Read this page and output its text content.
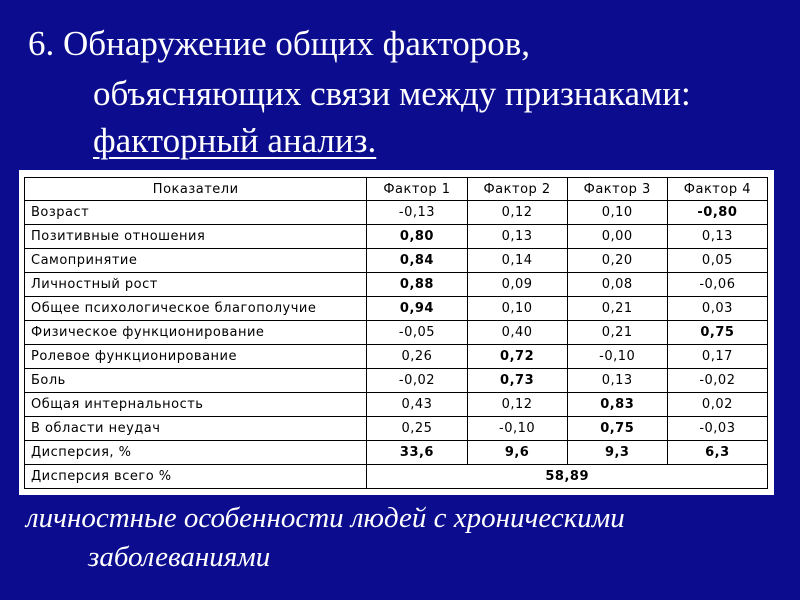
6. Обнаружение общих факторов,
объясняющих связи между признаками:
факторный анализ.
Показатели	Фактор 1	Фактор 2	Фактор 3	Фактор 4
Возраст	-0,13	0,12	0,10	-0,80
Позитивные отношения	0,80	0,13	0,00	0,13
Самопринятие	0,84	0,14	0,20	0,05
Личностный рост	0,88	0,09	0,08	-0,06
Общее психологическое благополучие	0,94	0,10	0,21	0,03
Физическое функционирование	-0,05	0,40	0,21	0,75
Ролевое функционирование	0,26	0,72	-0,10	0,17
Боль	-0,02	0,73	0,13	-0,02
Общая интернальность	0,43	0,12	0,83	0,02
В области неудач	0,25	-0,10	0,75	-0,03
Дисперсия, %	33,6	9,6	9,3	6,3
Дисперсия всего %	58,89			
личностные особенности людей с хроническими
заболеваниями
